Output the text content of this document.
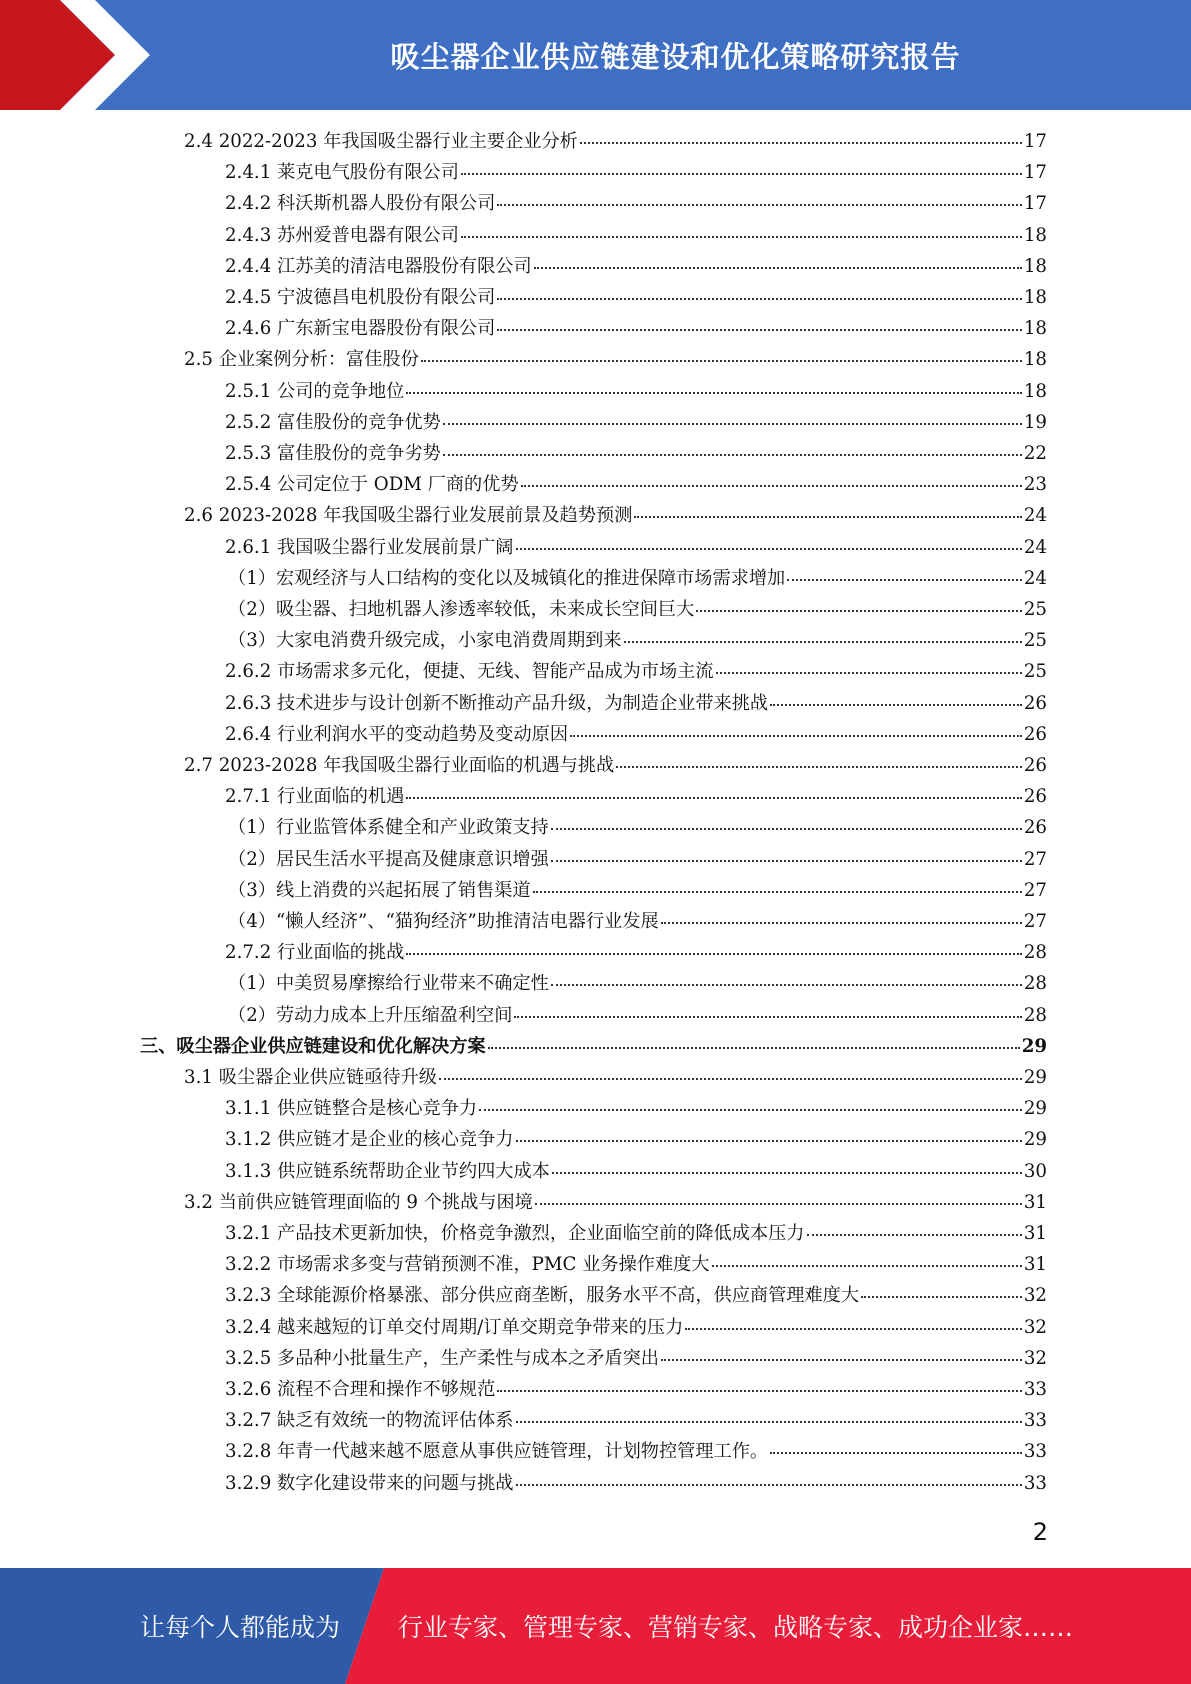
吸尘器企业供应链建设和优化策略研究报告
2.4 2022-2023 年我国吸尘器行业主要企业分析	17
2.4.1 莱克电气股份有限公司	17
2.4.2 科沃斯机器人股份有限公司	17
2.4.3 苏州爱普电器有限公司	18
2.4.4 江苏美的清洁电器股份有限公司	18
2.4.5 宁波德昌电机股份有限公司	18
2.4.6 广东新宝电器股份有限公司	18
2.5 企业案例分析：富佳股份	18
2.5.1 公司的竞争地位	18
2.5.2 富佳股份的竞争优势	19
2.5.3 富佳股份的竞争劣势	22
2.5.4 公司定位于 ODM 厂商的优势	23
2.6 2023-2028 年我国吸尘器行业发展前景及趋势预测	24
2.6.1 我国吸尘器行业发展前景广阔	24
（1）宏观经济与人口结构的变化以及城镇化的推进保障市场需求增加	24
（2）吸尘器、扫地机器人渗透率较低，未来成长空间巨大	25
（3）大家电消费升级完成，小家电消费周期到来	25
2.6.2 市场需求多元化，便捷、无线、智能产品成为市场主流	25
2.6.3 技术进步与设计创新不断推动产品升级，为制造企业带来挑战	26
2.6.4 行业利润水平的变动趋势及变动原因	26
2.7 2023-2028 年我国吸尘器行业面临的机遇与挑战	26
2.7.1 行业面临的机遇	26
（1）行业监管体系健全和产业政策支持	26
（2）居民生活水平提高及健康意识增强	27
（3）线上消费的兴起拓展了销售渠道	27
（4）“懒人经济”、“猫狗经济”助推清洁电器行业发展	27
2.7.2 行业面临的挑战	28
（1）中美贸易摩擦给行业带来不确定性	28
（2）劳动力成本上升压缩盈利空间	28
三、吸尘器企业供应链建设和优化解决方案	29
3.1 吸尘器企业供应链亟待升级	29
3.1.1 供应链整合是核心竞争力	29
3.1.2 供应链才是企业的核心竞争力	29
3.1.3 供应链系统帮助企业节约四大成本	30
3.2 当前供应链管理面临的 9 个挑战与困境	31
3.2.1 产品技术更新加快，价格竞争激烈，企业面临空前的降低成本压力	31
3.2.2 市场需求多变与营销预测不准，PMC 业务操作难度大	31
3.2.3 全球能源价格暴涨、部分供应商垄断，服务水平不高，供应商管理难度大	32
3.2.4 越来越短的订单交付周期/订单交期竞争带来的压力	32
3.2.5 多品种小批量生产，生产柔性与成本之矛盾突出	32
3.2.6 流程不合理和操作不够规范	33
3.2.7 缺乏有效统一的物流评估体系	33
3.2.8 年青一代越来越不愿意从事供应链管理，计划物控管理工作。	33
3.2.9 数字化建设带来的问题与挑战	33
2
让每个人都能成为 行业专家、管理专家、营销专家、战略专家、成功企业家……
